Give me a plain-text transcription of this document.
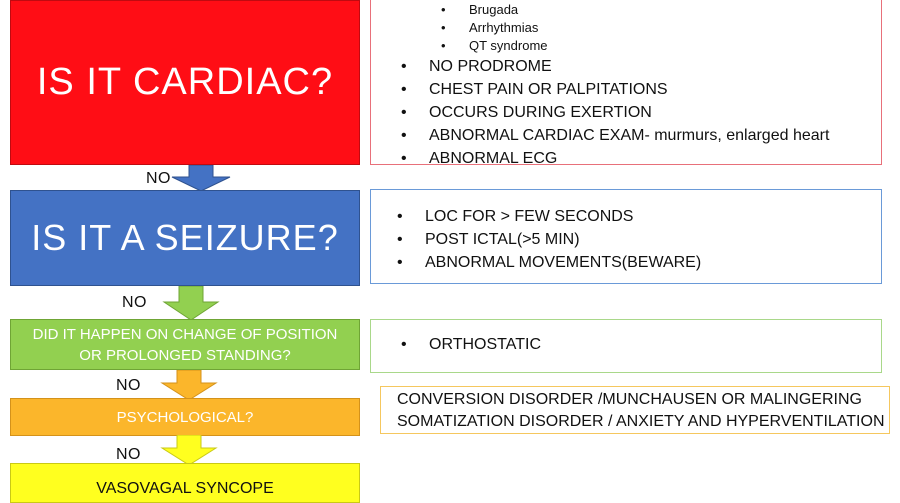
IS IT CARDIAC?
• Brugada
• Arrhythmias
• QT syndrome
• NO PRODROME
• CHEST PAIN OR PALPITATIONS
• OCCURS DURING EXERTION
• ABNORMAL CARDIAC EXAM- murmurs, enlarged heart
• ABNORMAL ECG
NO
IS IT A SEIZURE?
• LOC FOR > FEW SECONDS
• POST ICTAL(>5 MIN)
• ABNORMAL MOVEMENTS(BEWARE)
NO
DID IT HAPPEN ON CHANGE OF POSITION
OR PROLONGED STANDING?
• ORTHOSTATIC
NO
PSYCHOLOGICAL?
CONVERSION DISORDER /MUNCHAUSEN OR MALINGERING
SOMATIZATION DISORDER / ANXIETY AND HYPERVENTILATION
NO
VASOVAGAL SYNCOPE
